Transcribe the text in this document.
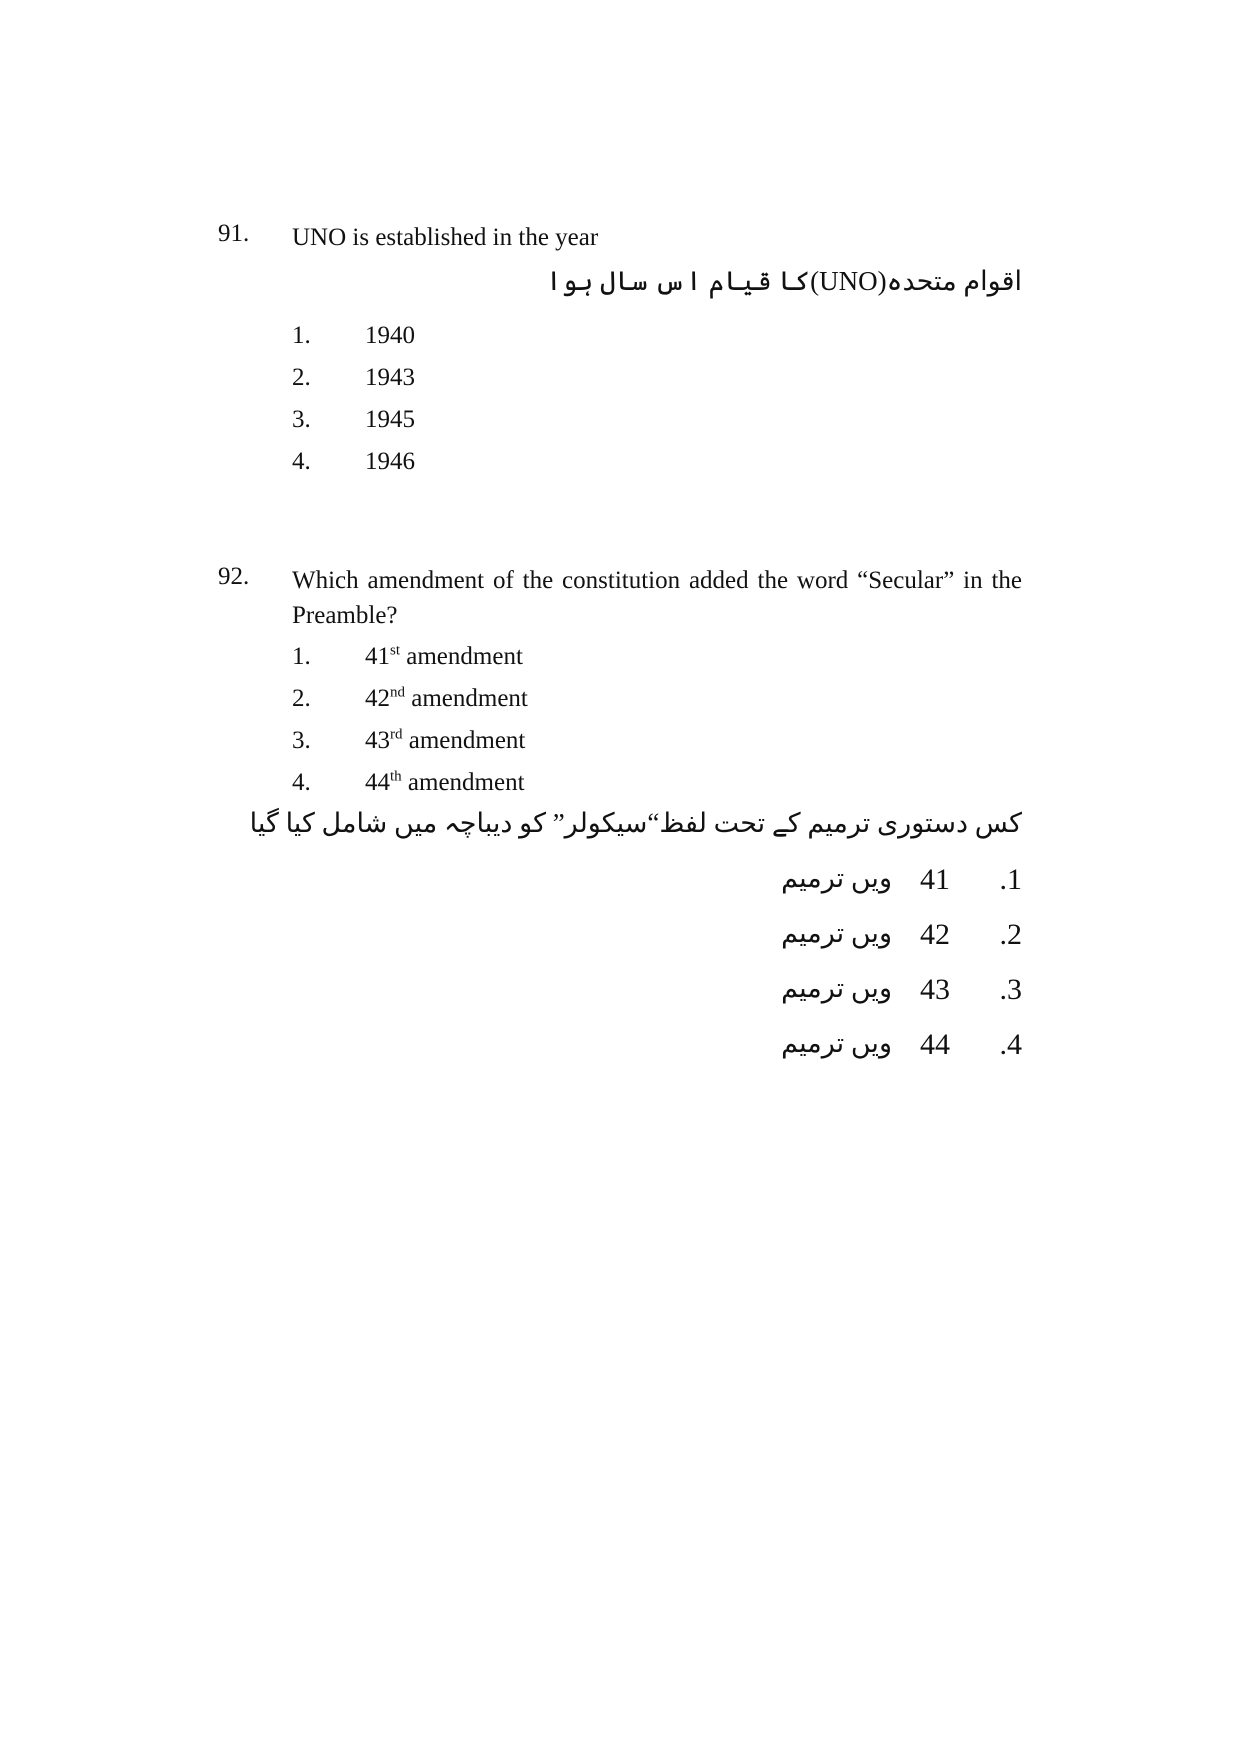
91. UNO is established in the year
اقوام متحدہ(UNO)کا قیام اس سال ہوا
1. 1940
2. 1943
3. 1945
4. 1946
92. Which amendment of the constitution added the word “Secular” in the Preamble?
1. 41st amendment
2. 42nd amendment
3. 43rd amendment
4. 44th amendment
کس دستوری ترمیم کے تحت لفظ“سیکولر” کو دیباچہ میں شامل کیا گیا
.1
41
ویں ترمیم
.2
42
ویں ترمیم
.3
43
ویں ترمیم
.4
44
ویں ترمیم
